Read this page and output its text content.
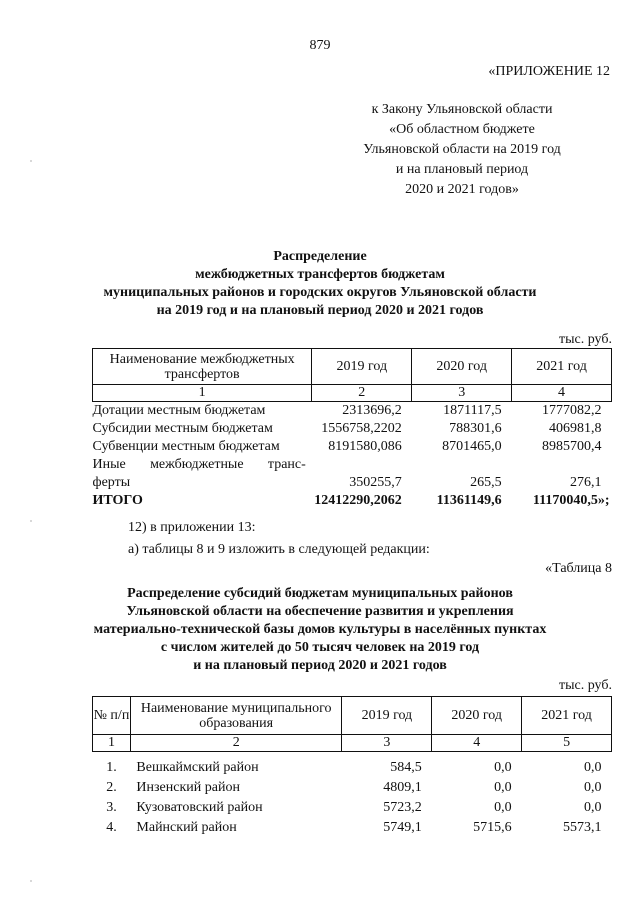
879
«ПРИЛОЖЕНИЕ 12
к Закону Ульяновской области
«Об областном бюджете
Ульяновской области на 2019 год
и на плановый период
2020 и 2021 годов»
Распределение
межбюджетных трансфертов бюджетам
муниципальных районов и городских округов Ульяновской области
на 2019 год и на плановый период 2020 и 2021 годов
тыс. руб.
Наименование межбюджетных трансфертов	2019 год	2020 год	2021 год
1	2	3	4
Дотации местным бюджетам	2313696,2	1871117,5	1777082,2
Субсидии местным бюджетам	1556758,2202	788301,6	406981,8
Субвенции местным бюджетам	8191580,086	8701465,0	8985700,4
Иные межбюджетные транс-			
ферты	350255,7	265,5	276,1
ИТОГО	12412290,2062	11361149,6	11170040,5»;
12) в приложении 13:
а) таблицы 8 и 9 изложить в следующей редакции:
«Таблица 8
Распределение субсидий бюджетам муниципальных районов
Ульяновской области на обеспечение развития и укрепления
материально-технической базы домов культуры в населённых пунктах
с числом жителей до 50 тысяч человек на 2019 год
и на плановый период 2020 и 2021 годов
тыс. руб.
№ п/п	Наименование муниципального образования	2019 год	2020 год	2021 год
1	2	3	4	5

1.	Вешкаймский район	584,5	0,0	0,0
2.	Инзенский район	4809,1	0,0	0,0
3.	Кузоватовский район	5723,2	0,0	0,0
4.	Майнский район	5749,1	5715,6	5573,1
